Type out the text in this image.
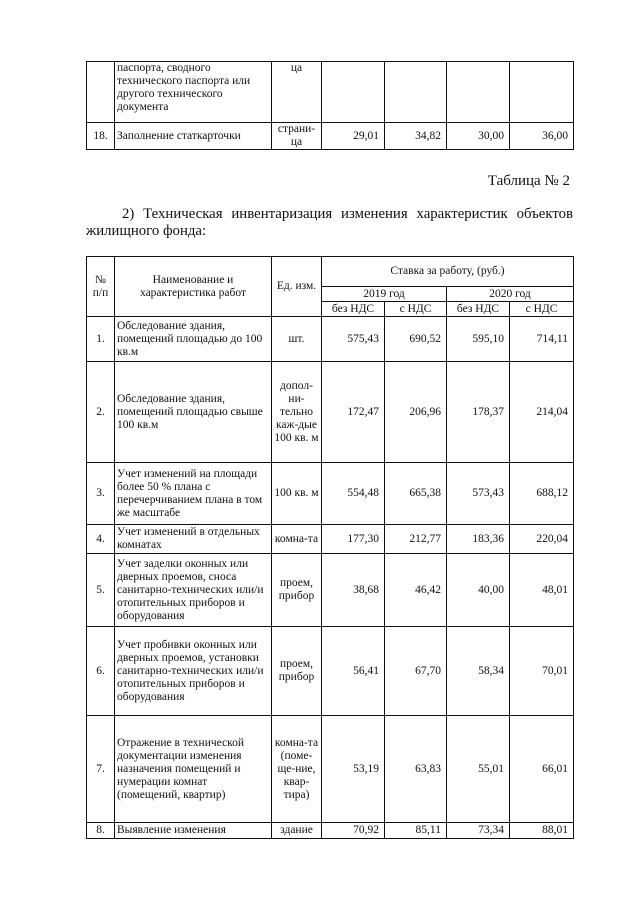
	паспорта, сводного технического паспорта или другого технического документа	ца				
18.	Заполнение статкарточки	страни-ца	29,01	34,82	30,00	36,00
Таблица № 2
2) Техническая инвентаризация изменения характеристик объектов жилищного фонда:
№ п/п	Наименование и характеристика работ	Ед. изм.	Ставка за работу, (руб.)			
			2019 год		2020 год	
			без НДС	с НДС	без НДС	с НДС
1.	Обследование здания, помещений площадью до 100 кв.м	шт.	575,43	690,52	595,10	714,11
2.	Обследование здания, помещений площадью свыше 100 кв.м	допол-ни-тельно каж-дые 100 кв. м	172,47	206,96	178,37	214,04
3.	Учет изменений на площади более 50 % плана с перечерчиванием плана в том же масштабе	100 кв. м	554,48	665,38	573,43	688,12
4.	Учет изменений в отдельных комнатах	комна-та	177,30	212,77	183,36	220,04
5.	Учет заделки оконных или дверных проемов, сноса санитарно-технических или/и отопительных приборов и оборудования	проем, прибор	38,68	46,42	40,00	48,01
6.	Учет пробивки оконных или дверных проемов, установки санитарно-технических или/и отопительных приборов и оборудования	проем, прибор	56,41	67,70	58,34	70,01
7.	Отражение в технической документации изменения назначения помещений и нумерации комнат (помещений, квартир)	комна-та (поме-ще-ние, квар-тира)	53,19	63,83	55,01	66,01
8.	Выявление изменения	здание	70,92	85,11	73,34	88,01
